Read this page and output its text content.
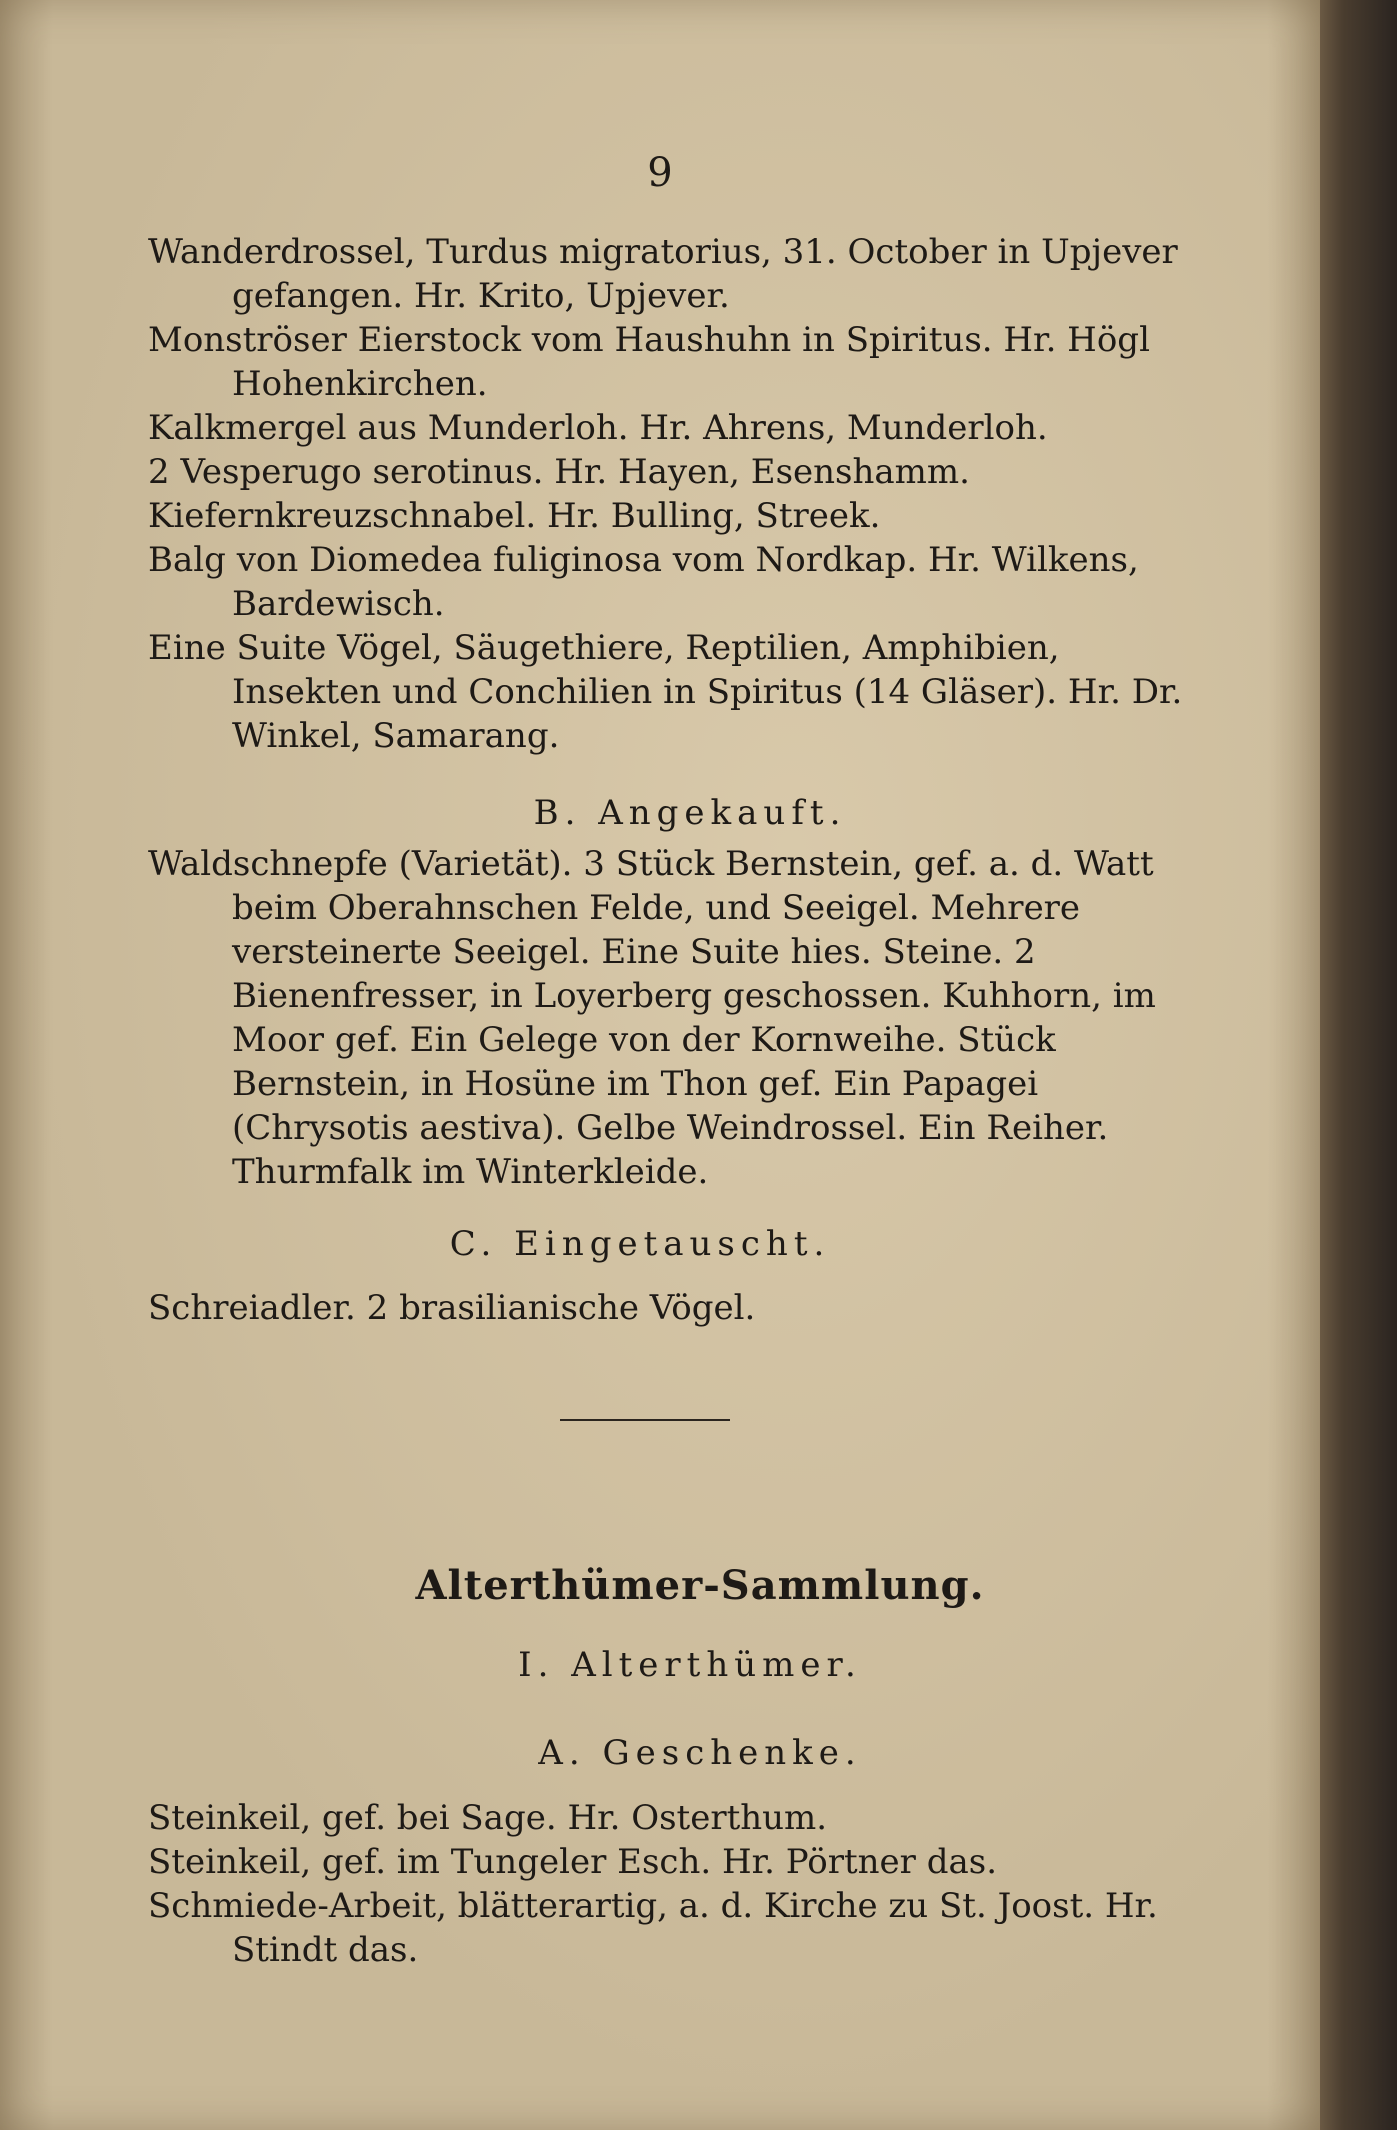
9

Wanderdrossel, Turdus migratorius, 31. October in Upjever gefangen. Hr. Krito, Upjever.

Monströser Eierstock vom Haushuhn in Spiritus. Hr. Högl Hohenkirchen.

Kalkmergel aus Munderloh. Hr. Ahrens, Munderloh.

2 Vesperugo serotinus. Hr. Hayen, Esenshamm.

Kiefernkreuzschnabel. Hr. Bulling, Streek.

Balg von Diomedea fuliginosa vom Nordkap. Hr. Wilkens, Bardewisch.

Eine Suite Vögel, Säugethiere, Reptilien, Amphibien, Insekten und Conchilien in Spiritus (14 Gläser). Hr. Dr. Winkel, Samarang.

B. Angekauft.

Waldschnepfe (Varietät). 3 Stück Bernstein, gef. a. d. Watt beim Oberahnschen Felde, und Seeigel. Mehrere versteinerte Seeigel. Eine Suite hies. Steine. 2 Bienenfresser, in Loyerberg geschossen. Kuhhorn, im Moor gef. Ein Gelege von der Kornweihe. Stück Bernstein, in Hosüne im Thon gef. Ein Papagei (Chrysotis aestiva). Gelbe Weindrossel. Ein Reiher. Thurmfalk im Winterkleide.

C. Eingetauscht.

Schreiadler. 2 brasilianische Vögel.

Alterthümer-Sammlung.
I. Alterthümer.
A. Geschenke.

Steinkeil, gef. bei Sage. Hr. Osterthum.

Steinkeil, gef. im Tungeler Esch. Hr. Pörtner das.

Schmiede-Arbeit, blätterartig, a. d. Kirche zu St. Joost. Hr. Stindt das.
